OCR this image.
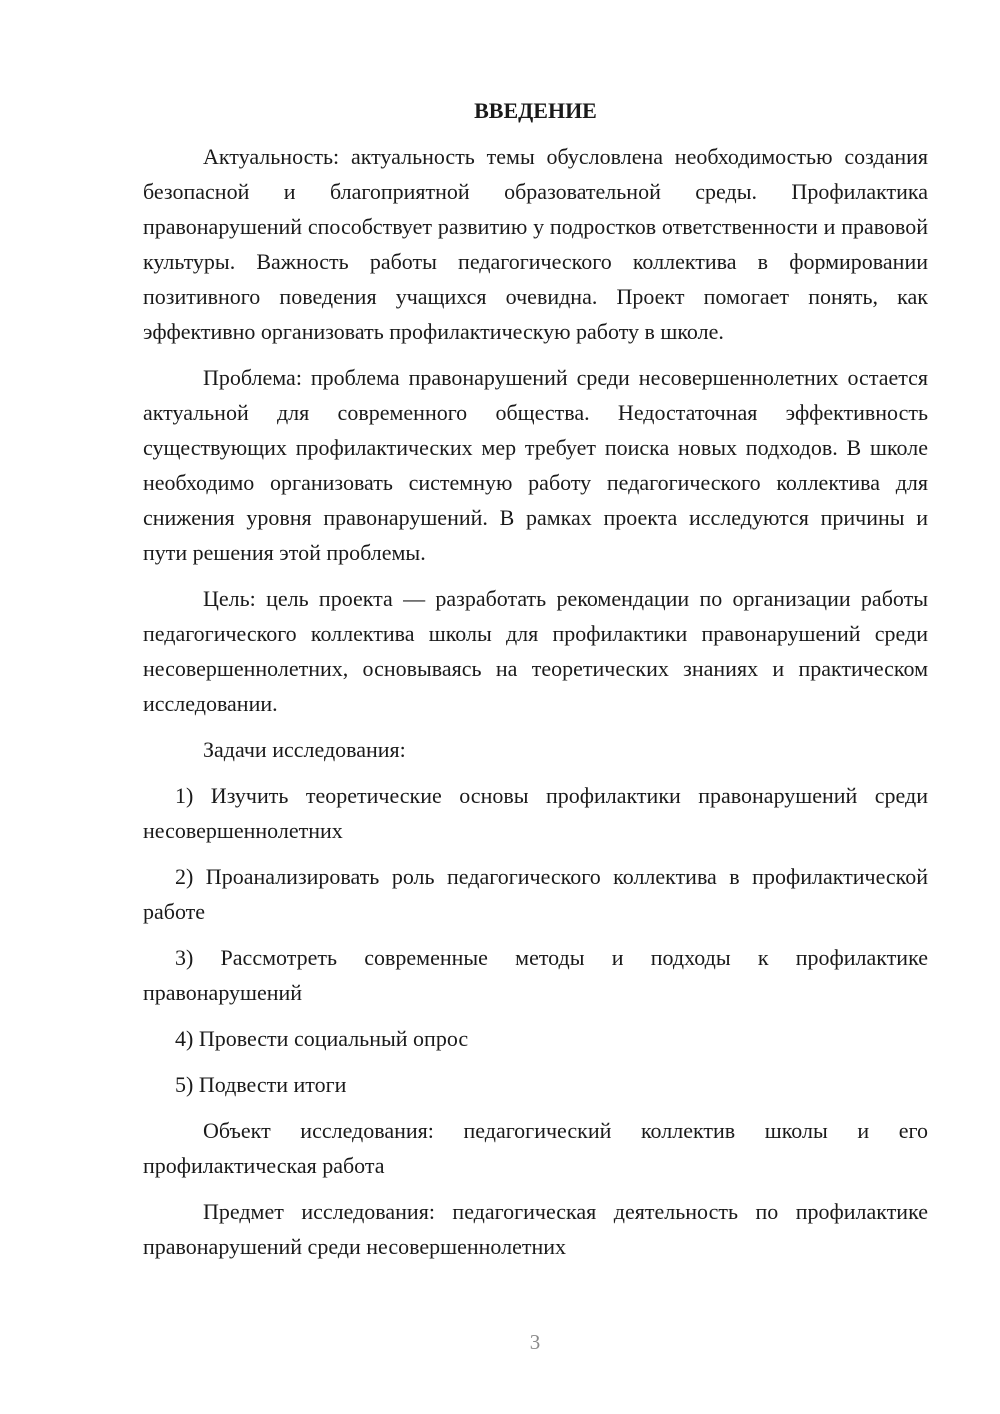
ВВЕДЕНИЕ

Актуальность: актуальность темы обусловлена необходимостью создания безопасной и благоприятной образовательной среды. Профилактика правонарушений способствует развитию у подростков ответственности и правовой культуры. Важность работы педагогического коллектива в формировании позитивного поведения учащихся очевидна. Проект помогает понять, как эффективно организовать профилактическую работу в школе.

Проблема: проблема правонарушений среди несовершеннолетних остается актуальной для современного общества. Недостаточная эффективность существующих профилактических мер требует поиска новых подходов. В школе необходимо организовать системную работу педагогического коллектива для снижения уровня правонарушений. В рамках проекта исследуются причины и пути решения этой проблемы.

Цель: цель проекта — разработать рекомендации по организации работы педагогического коллектива школы для профилактики правонарушений среди несовершеннолетних, основываясь на теоретических знаниях и практическом исследовании.

Задачи исследования:

1) Изучить теоретические основы профилактики правонарушений среди несовершеннолетних

2) Проанализировать роль педагогического коллектива в профилактической работе

3) Рассмотреть современные методы и подходы к профилактике правонарушений

4) Провести социальный опрос

5) Подвести итоги

Объект исследования: педагогический коллектив школы и его профилактическая работа

Предмет исследования: педагогическая деятельность по профилактике правонарушений среди несовершеннолетних

3
